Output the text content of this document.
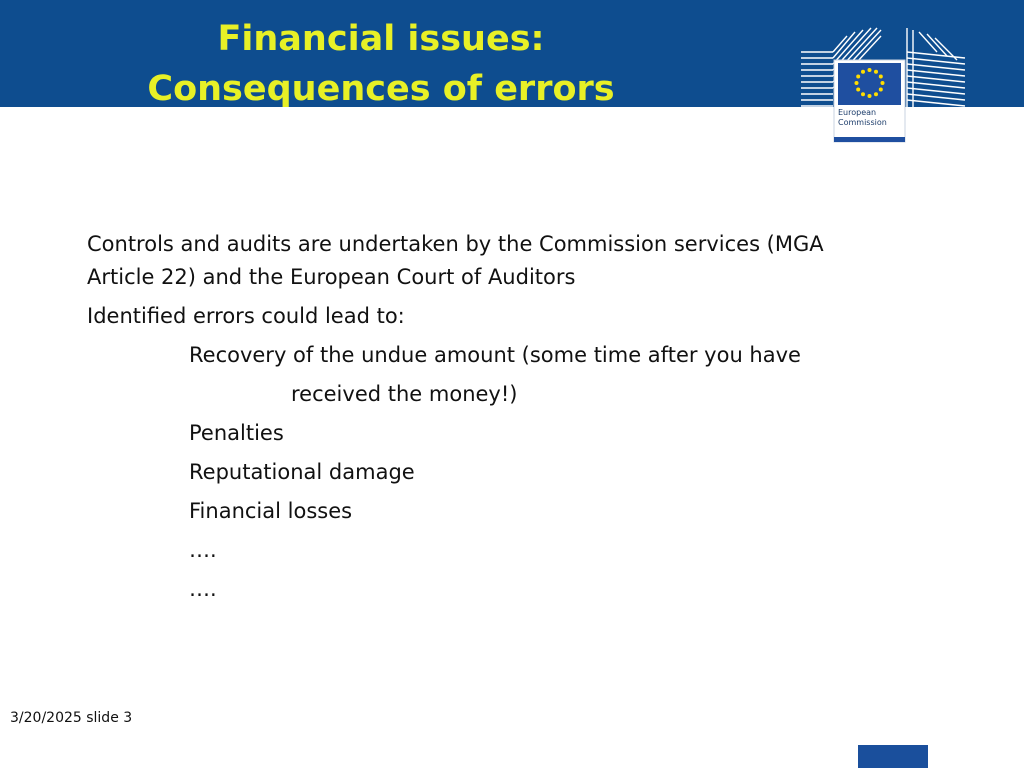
Financial issues:
Consequences of errors
European
Commission
Controls and audits are undertaken by the Commission services (MGA
Article 22) and the European Court of Auditors
Identified errors could lead to:
Recovery of the undue amount (some time after you have
received the money!)
Penalties
Reputational damage
Financial losses
….
….
3/20/2025 slide 3
